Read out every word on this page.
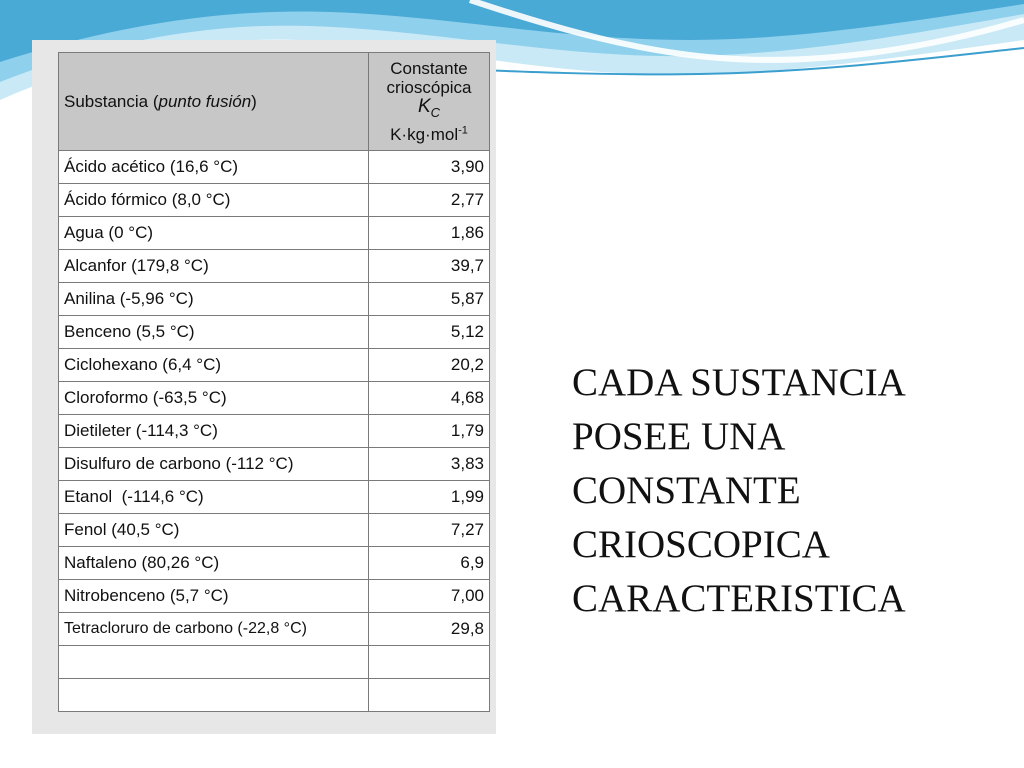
Substancia (punto fusión)	Constante
crioscópica
$K_C$
K·kg·mol$^{-1}$
Ácido acético (16,6 °C)	3,90
Ácido fórmico (8,0 °C)	2,77
Agua (0 °C)	1,86
Alcanfor (179,8 °C)	39,7
Anilina (-5,96 °C)	5,87
Benceno (5,5 °C)	5,12
Ciclohexano (6,4 °C)	20,2
Cloroformo (-63,5 °C)	4,68
Dietileter (-114,3 °C)	1,79
Disulfuro de carbono (-112 °C)	3,83
Etanol  (-114,6 °C)	1,99
Fenol (40,5 °C)	7,27
Naftaleno (80,26 °C)	6,9
Nitrobenceno (5,7 °C)	7,00
Tetracloruro de carbono (-22,8 °C)	29,8

CADA SUSTANCIA
POSEE UNA
CONSTANTE
CRIOSCOPICA
CARACTERISTICA
